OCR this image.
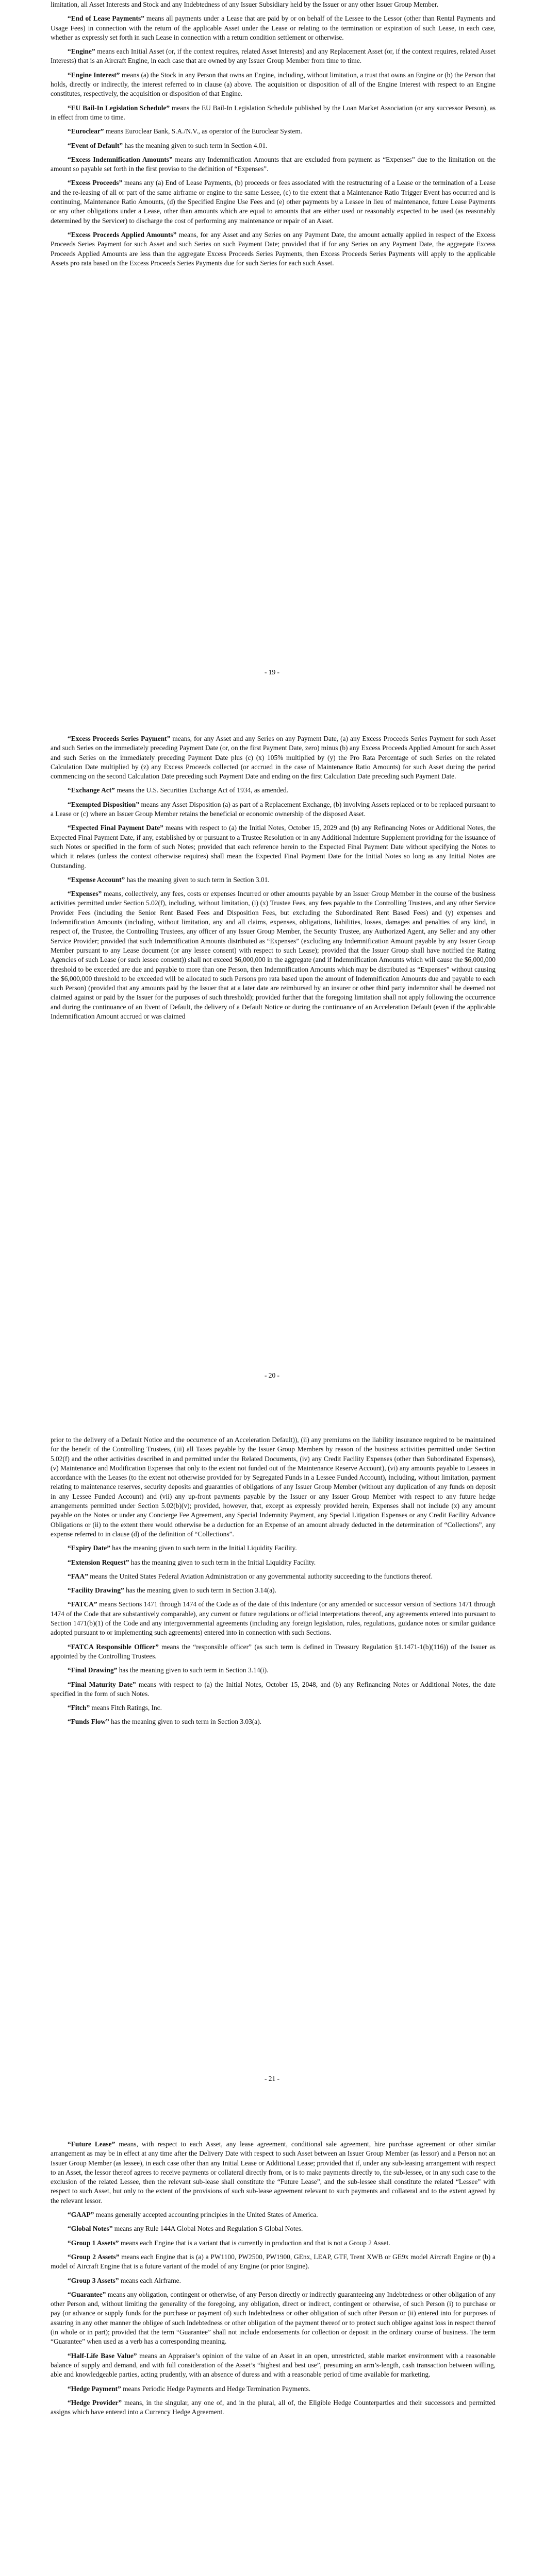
limitation, all Asset Interests and Stock and any Indebtedness of any Issuer Subsidiary held by the Issuer or any other Issuer Group Member.

“End of Lease Payments” means all payments under a Lease that are paid by or on behalf of the Lessee to the Lessor (other than Rental Payments and Usage Fees) in connection with the return of the applicable Asset under the Lease or relating to the termination or expiration of such Lease, in each case, whether as expressly set forth in such Lease in connection with a return condition settlement or otherwise.

“Engine” means each Initial Asset (or, if the context requires, related Asset Interests) and any Replacement Asset (or, if the context requires, related Asset Interests) that is an Aircraft Engine, in each case that are owned by any Issuer Group Member from time to time.

“Engine Interest” means (a) the Stock in any Person that owns an Engine, including, without limitation, a trust that owns an Engine or (b) the Person that holds, directly or indirectly, the interest referred to in clause (a) above. The acquisition or disposition of all of the Engine Interest with respect to an Engine constitutes, respectively, the acquisition or disposition of that Engine.

“EU Bail-In Legislation Schedule” means the EU Bail-In Legislation Schedule published by the Loan Market Association (or any successor Person), as in effect from time to time.

“Euroclear” means Euroclear Bank, S.A./N.V., as operator of the Euroclear System.

“Event of Default” has the meaning given to such term in Section 4.01.

“Excess Indemnification Amounts” means any Indemnification Amounts that are excluded from payment as “Expenses” due to the limitation on the amount so payable set forth in the first proviso to the definition of “Expenses”.

“Excess Proceeds” means any (a) End of Lease Payments, (b) proceeds or fees associated with the restructuring of a Lease or the termination of a Lease and the re-leasing of all or part of the same airframe or engine to the same Lessee, (c) to the extent that a Maintenance Ratio Trigger Event has occurred and is continuing, Maintenance Ratio Amounts, (d) the Specified Engine Use Fees and (e) other payments by a Lessee in lieu of maintenance, future Lease Payments or any other obligations under a Lease, other than amounts which are equal to amounts that are either used or reasonably expected to be used (as reasonably determined by the Servicer) to discharge the cost of performing any maintenance or repair of an Asset.

“Excess Proceeds Applied Amounts” means, for any Asset and any Series on any Payment Date, the amount actually applied in respect of the Excess Proceeds Series Payment for such Asset and such Series on such Payment Date; provided that if for any Series on any Payment Date, the aggregate Excess Proceeds Applied Amounts are less than the aggregate Excess Proceeds Series Payments, then Excess Proceeds Series Payments will apply to the applicable Assets pro rata based on the Excess Proceeds Series Payments due for such Series for each such Asset.

- 19 -

“Excess Proceeds Series Payment” means, for any Asset and any Series on any Payment Date, (a) any Excess Proceeds Series Payment for such Asset and such Series on the immediately preceding Payment Date (or, on the first Payment Date, zero) minus (b) any Excess Proceeds Applied Amount for such Asset and such Series on the immediately preceding Payment Date plus (c) (x) 105% multiplied by (y) the Pro Rata Percentage of such Series on the related Calculation Date multiplied by (z) any Excess Proceeds collected (or accrued in the case of Maintenance Ratio Amounts) for such Asset during the period commencing on the second Calculation Date preceding such Payment Date and ending on the first Calculation Date preceding such Payment Date.

“Exchange Act” means the U.S. Securities Exchange Act of 1934, as amended.

“Exempted Disposition” means any Asset Disposition (a) as part of a Replacement Exchange, (b) involving Assets replaced or to be replaced pursuant to a Lease or (c) where an Issuer Group Member retains the beneficial or economic ownership of the disposed Asset.

“Expected Final Payment Date” means with respect to (a) the Initial Notes, October 15, 2029 and (b) any Refinancing Notes or Additional Notes, the Expected Final Payment Date, if any, established by or pursuant to a Trustee Resolution or in any Additional Indenture Supplement providing for the issuance of such Notes or specified in the form of such Notes; provided that each reference herein to the Expected Final Payment Date without specifying the Notes to which it relates (unless the context otherwise requires) shall mean the Expected Final Payment Date for the Initial Notes so long as any Initial Notes are Outstanding.

“Expense Account” has the meaning given to such term in Section 3.01.

“Expenses” means, collectively, any fees, costs or expenses Incurred or other amounts payable by an Issuer Group Member in the course of the business activities permitted under Section 5.02(f), including, without limitation, (i) (x) Trustee Fees, any fees payable to the Controlling Trustees, and any other Service Provider Fees (including the Senior Rent Based Fees and Disposition Fees, but excluding the Subordinated Rent Based Fees) and (y) expenses and Indemnification Amounts (including, without limitation, any and all claims, expenses, obligations, liabilities, losses, damages and penalties of any kind, in respect of, the Trustee, the Controlling Trustees, any officer of any Issuer Group Member, the Security Trustee, any Authorized Agent, any Seller and any other Service Provider; provided that such Indemnification Amounts distributed as “Expenses” (excluding any Indemnification Amount payable by any Issuer Group Member pursuant to any Lease document (or any lessee consent) with respect to such Lease); provided that the Issuer Group shall have notified the Rating Agencies of such Lease (or such lessee consent)) shall not exceed $6,000,000 in the aggregate (and if Indemnification Amounts which will cause the $6,000,000 threshold to be exceeded are due and payable to more than one Person, then Indemnification Amounts which may be distributed as “Expenses” without causing the $6,000,000 threshold to be exceeded will be allocated to such Persons pro rata based upon the amount of Indemnification Amounts due and payable to each such Person) (provided that any amounts paid by the Issuer that at a later date are reimbursed by an insurer or other third party indemnitor shall be deemed not claimed against or paid by the Issuer for the purposes of such threshold); provided further that the foregoing limitation shall not apply following the occurrence and during the continuance of an Event of Default, the delivery of a Default Notice or during the continuance of an Acceleration Default (even if the applicable Indemnification Amount accrued or was claimed

- 20 -

prior to the delivery of a Default Notice and the occurrence of an Acceleration Default)), (ii) any premiums on the liability insurance required to be maintained for the benefit of the Controlling Trustees, (iii) all Taxes payable by the Issuer Group Members by reason of the business activities permitted under Section 5.02(f) and the other activities described in and permitted under the Related Documents, (iv) any Credit Facility Expenses (other than Subordinated Expenses), (v) Maintenance and Modification Expenses that only to the extent not funded out of the Maintenance Reserve Account), (vi) any amounts payable to Lessees in accordance with the Leases (to the extent not otherwise provided for by Segregated Funds in a Lessee Funded Account), including, without limitation, payment relating to maintenance reserves, security deposits and guaranties of obligations of any Issuer Group Member (without any duplication of any funds on deposit in any Lessee Funded Account) and (vii) any up-front payments payable by the Issuer or any Issuer Group Member with respect to any future hedge arrangements permitted under Section 5.02(b)(v); provided, however, that, except as expressly provided herein, Expenses shall not include (x) any amount payable on the Notes or under any Concierge Fee Agreement, any Special Indemnity Payment, any Special Litigation Expenses or any Credit Facility Advance Obligations or (ii) to the extent there would otherwise be a deduction for an Expense of an amount already deducted in the determination of “Collections”, any expense referred to in clause (d) of the definition of “Collections”.

“Expiry Date” has the meaning given to such term in the Initial Liquidity Facility.

“Extension Request” has the meaning given to such term in the Initial Liquidity Facility.

“FAA” means the United States Federal Aviation Administration or any governmental authority succeeding to the functions thereof.

“Facility Drawing” has the meaning given to such term in Section 3.14(a).

“FATCA” means Sections 1471 through 1474 of the Code as of the date of this Indenture (or any amended or successor version of Sections 1471 through 1474 of the Code that are substantively comparable), any current or future regulations or official interpretations thereof, any agreements entered into pursuant to Section 1471(b)(1) of the Code and any intergovernmental agreements (including any foreign legislation, rules, regulations, guidance notes or similar guidance adopted pursuant to or implementing such agreements) entered into in connection with such Sections.

“FATCA Responsible Officer” means the “responsible officer” (as such term is defined in Treasury Regulation §1.1471-1(b)(116)) of the Issuer as appointed by the Controlling Trustees.

“Final Drawing” has the meaning given to such term in Section 3.14(i).

“Final Maturity Date” means with respect to (a) the Initial Notes, October 15, 2048, and (b) any Refinancing Notes or Additional Notes, the date specified in the form of such Notes.

“Fitch” means Fitch Ratings, Inc.

“Funds Flow” has the meaning given to such term in Section 3.03(a).

- 21 -

“Future Lease” means, with respect to each Asset, any lease agreement, conditional sale agreement, hire purchase agreement or other similar arrangement as may be in effect at any time after the Delivery Date with respect to such Asset between an Issuer Group Member (as lessor) and a Person not an Issuer Group Member (as lessee), in each case other than any Initial Lease or Additional Lease; provided that if, under any sub-leasing arrangement with respect to an Asset, the lessor thereof agrees to receive payments or collateral directly from, or is to make payments directly to, the sub-lessee, or in any such case to the exclusion of the related Lessee, then the relevant sub-lease shall constitute the “Future Lease”, and the sub-lessee shall constitute the related “Lessee” with respect to such Asset, but only to the extent of the provisions of such sub-lease agreement relevant to such payments and collateral and to the extent agreed by the relevant lessor.

“GAAP” means generally accepted accounting principles in the United States of America.

“Global Notes” means any Rule 144A Global Notes and Regulation S Global Notes.

“Group 1 Assets” means each Engine that is a variant that is currently in production and that is not a Group 2 Asset.

“Group 2 Assets” means each Engine that is (a) a PW1100, PW2500, PW1900, GEnx, LEAP, GTF, Trent XWB or GE9x model Aircraft Engine or (b) a model of Aircraft Engine that is a future variant of the model of any Engine (or prior Engine).

“Group 3 Assets” means each Airframe.

“Guarantee” means any obligation, contingent or otherwise, of any Person directly or indirectly guaranteeing any Indebtedness or other obligation of any other Person and, without limiting the generality of the foregoing, any obligation, direct or indirect, contingent or otherwise, of such Person (i) to purchase or pay (or advance or supply funds for the purchase or payment of) such Indebtedness or other obligation of such other Person or (ii) entered into for purposes of assuring in any other manner the obligee of such Indebtedness or other obligation of the payment thereof or to protect such obligee against loss in respect thereof (in whole or in part); provided that the term “Guarantee” shall not include endorsements for collection or deposit in the ordinary course of business. The term “Guarantee” when used as a verb has a corresponding meaning.

“Half-Life Base Value” means an Appraiser’s opinion of the value of an Asset in an open, unrestricted, stable market environment with a reasonable balance of supply and demand, and with full consideration of the Asset’s “highest and best use”, presuming an arm’s-length, cash transaction between willing, able and knowledgeable parties, acting prudently, with an absence of duress and with a reasonable period of time available for marketing.

“Hedge Payment” means Periodic Hedge Payments and Hedge Termination Payments.

“Hedge Provider” means, in the singular, any one of, and in the plural, all of, the Eligible Hedge Counterparties and their successors and permitted assigns which have entered into a Currency Hedge Agreement.
